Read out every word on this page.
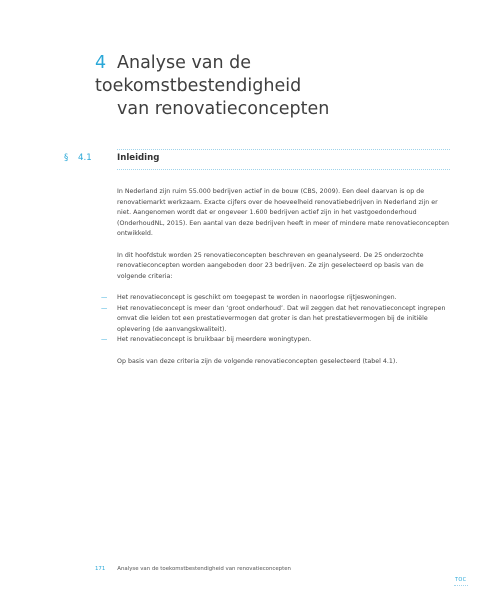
4 Analyse van de toekomstbestendigheid
van renovatieconcepten
§ 4.1	Inleiding

In Nederland zijn ruim 55.000 bedrijven actief in de bouw (CBS, 2009). Een deel daarvan is op de renovatiemarkt werkzaam. Exacte cijfers over de hoeveelheid renovatiebedrijven in Nederland zijn er niet. Aangenomen wordt dat er ongeveer 1.600 bedrijven actief zijn in het vastgoedonderhoud (OnderhoudNL, 2015). Een aantal van deze bedrijven heeft in meer of mindere mate renovatieconcepten ontwikkeld.

In dit hoofdstuk worden 25 renovatieconcepten beschreven en geanalyseerd. De 25 onderzochte renovatieconcepten worden aangeboden door 23 bedrijven. Ze zijn geselecteerd op basis van de volgende criteria:

— Het renovatieconcept is geschikt om toegepast te worden in naoorlogse rijtjeswoningen.
— Het renovatieconcept is meer dan ‘groot onderhoud’. Dat wil zeggen dat het renovatieconcept ingrepen omvat die leiden tot een prestatievermogen dat groter is dan het prestatievermogen bij de initiële oplevering (de aanvangskwaliteit).
— Het renovatieconcept is bruikbaar bij meerdere woningtypen.

Op basis van deze criteria zijn de volgende renovatieconcepten geselecteerd (tabel 4.1).

171 Analyse van de toekomstbestendigheid van renovatieconcepten
TOC
